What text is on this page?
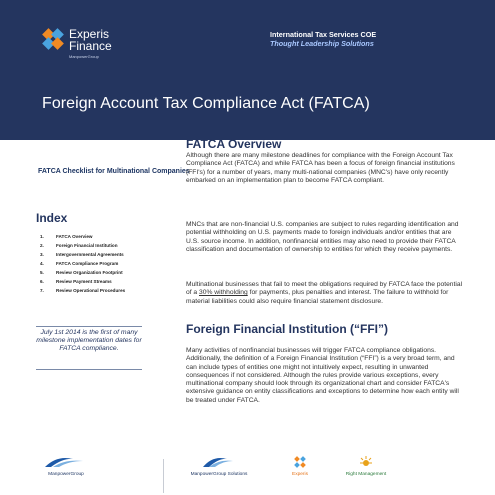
Experis
Finance
ManpowerGroup
International Tax Services COE
Thought Leadership Solutions
Foreign Account Tax Compliance Act (FATCA)
FATCA Checklist for Multinational Companies
Index
1.	FATCA Overview
2.	Foreign Financial Institution
3.	Intergovernmental Agreements
4.	FATCA Compliance Program
5.	Review Organization Footprint
6.	Review Payment Streams
7.	Review Operational Procedures
July 1st 2014 is the first of many milestone implementation dates for FATCA compliance.
FATCA Overview
Although there are many milestone deadlines for compliance with the Foreign Account Tax Compliance Act (FATCA) and while FATCA has been a focus of foreign financial institutions (FFI's) for a number of years, many multi-national companies (MNC's) have only recently embarked on an implementation plan to become FATCA compliant.
MNCs that are non-financial U.S. companies are subject to rules regarding identification and potential withholding on U.S. payments made to foreign individuals and/or entities that are U.S. source income. In addition, nonfinancial entities may also need to provide their FATCA classification and documentation of ownership to entities for which they receive payments.
Multinational businesses that fail to meet the obligations required by FATCA face the potential of a 30% withholding for payments, plus penalties and interest. The failure to withhold for material liabilities could also require financial statement disclosure.
Foreign Financial Institution (“FFI”)
Many activities of nonfinancial businesses will trigger FATCA compliance obligations. Additionally, the definition of a Foreign Financial Institution (“FFI”) is a very broad term, and can include types of entities one might not intuitively expect, resulting in unwanted consequences if not considered. Although the rules provide various exceptions, every multinational company should look through its organizational chart and consider FATCA's extensive guidance on entity classifications and exceptions to determine how each entity will be treated under FATCA.
ManpowerGroup	ManpowerGroup Solutions	Experis	Right Management
